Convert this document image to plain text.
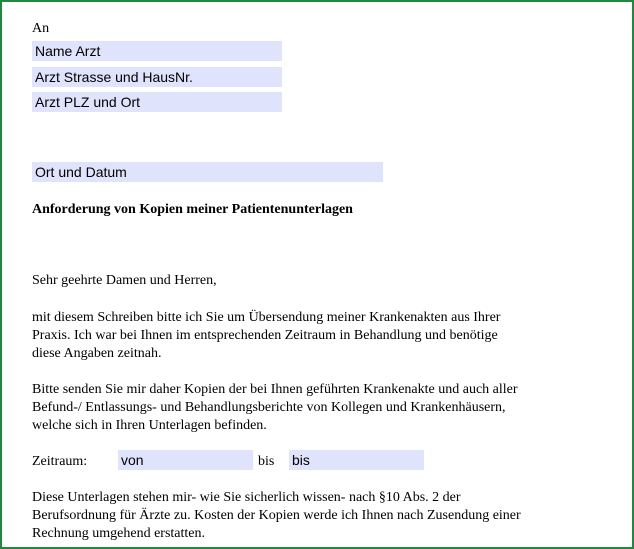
An
Name Arzt
Arzt Strasse und HausNr.
Arzt PLZ und Ort
Ort und Datum
Anforderung von Kopien meiner Patientenunterlagen
Sehr geehrte Damen und Herren,
mit diesem Schreiben bitte ich Sie um Übersendung meiner Krankenakten aus Ihrer
Praxis. Ich war bei Ihnen im entsprechenden Zeitraum in Behandlung und benötige
diese Angaben zeitnah.
Bitte senden Sie mir daher Kopien der bei Ihnen geführten Krankenakte und auch aller
Befund-/ Entlassungs- und Behandlungsberichte von Kollegen und Krankenhäusern,
welche sich in Ihren Unterlagen befinden.
Zeitraum: von	bis bis
Diese Unterlagen stehen mir- wie Sie sicherlich wissen- nach §10 Abs. 2 der
Berufsordnung für Ärzte zu. Kosten der Kopien werde ich Ihnen nach Zusendung einer
Rechnung umgehend erstatten.
